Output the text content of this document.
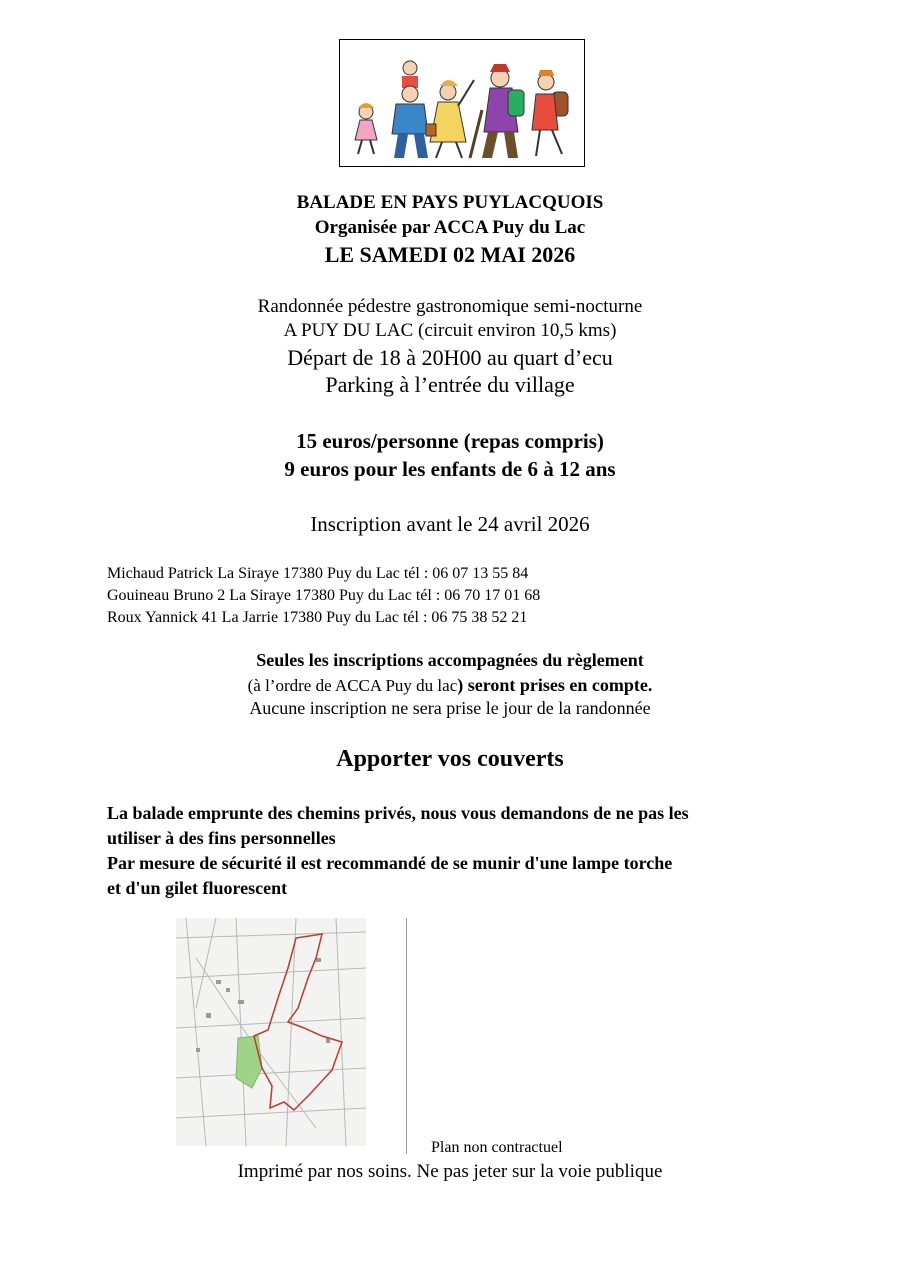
BALADE EN PAYS PUYLACQUOIS
Organisée par ACCA Puy du Lac
LE SAMEDI 02 MAI 2026
Randonnée pédestre gastronomique semi-nocturne
A PUY DU LAC (circuit environ 10,5 kms)
Départ de 18 à 20H00 au quart d’ecu
Parking à l’entrée du village
15 euros/personne (repas compris)
9 euros pour les enfants de 6 à 12 ans
Inscription avant le 24 avril 2026
Michaud Patrick La Siraye 17380 Puy du Lac tél : 06 07 13 55 84
Gouineau Bruno 2 La Siraye 17380 Puy du Lac tél : 06 70 17 01 68
Roux Yannick 41 La Jarrie 17380 Puy du Lac tél : 06 75 38 52 21
Seules les inscriptions accompagnées du règlement
(à l’ordre de ACCA Puy du lac) seront prises en compte.
Aucune inscription ne sera prise le jour de la randonnée
Apporter vos couverts
La balade emprunte des chemins privés, nous vous demandons de ne pas les
utiliser à des fins personnelles
Par mesure de sécurité il est recommandé de se munir d'une lampe torche
et d'un gilet fluorescent
Plan non contractuel
Imprimé par nos soins. Ne pas jeter sur la voie publique
